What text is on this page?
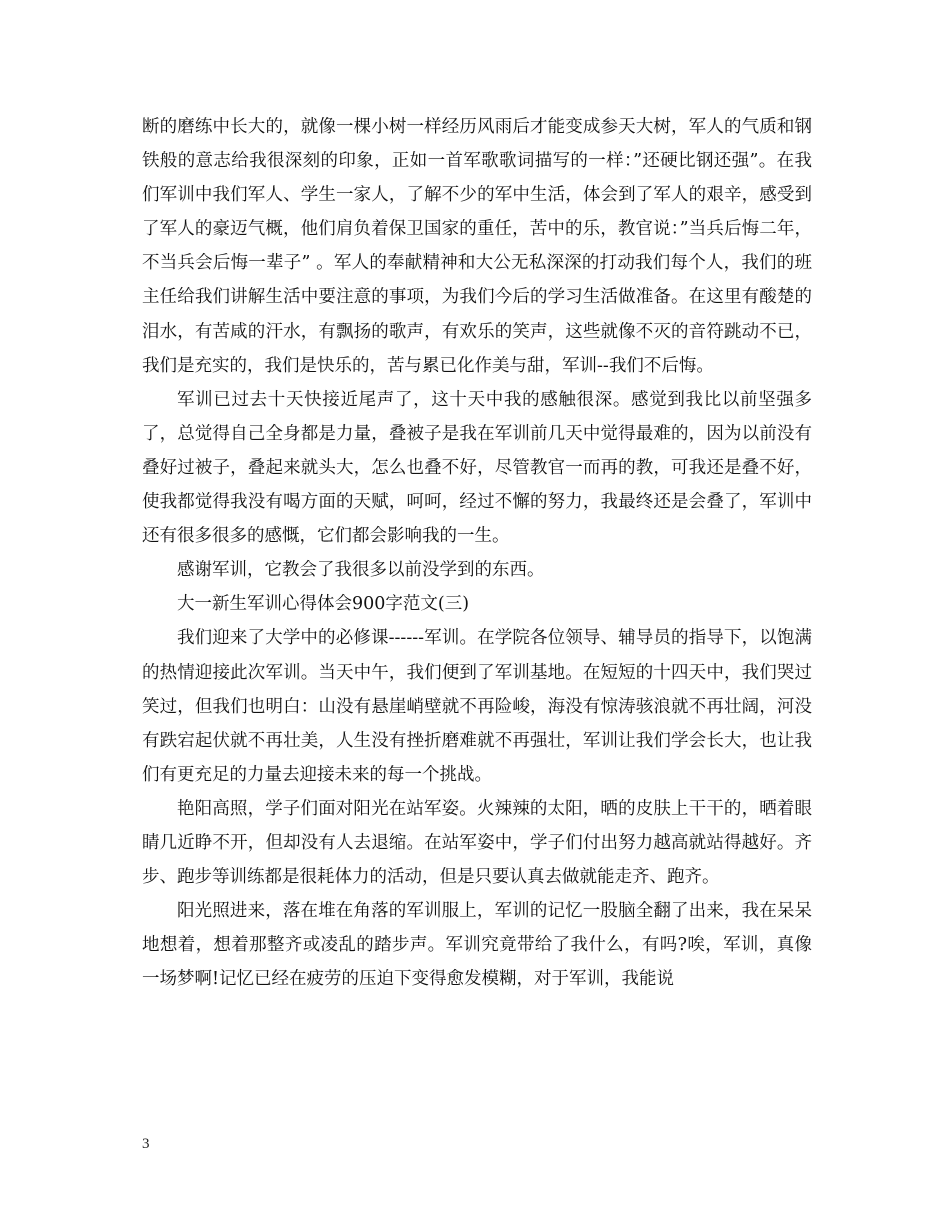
断的磨练中长大的，就像一棵小树一样经历风雨后才能变成参天大树，军人的气质和钢铁般的意志给我很深刻的印象，正如一首军歌歌词描写的一样：”还硬比钢还强”。在我们军训中我们军人、学生一家人，了解不少的军中生活，体会到了军人的艰辛，感受到了军人的豪迈气概，他们肩负着保卫国家的重任，苦中的乐，教官说：”当兵后悔二年，不当兵会后悔一辈子” 。军人的奉献精神和大公无私深深的打动我们每个人，我们的班主任给我们讲解生活中要注意的事项，为我们今后的学习生活做准备。在这里有酸楚的泪水，有苦咸的汗水，有飘扬的歌声，有欢乐的笑声，这些就像不灭的音符跳动不已，我们是充实的，我们是快乐的，苦与累已化作美与甜，军训--我们不后悔。

军训已过去十天快接近尾声了，这十天中我的感触很深。感觉到我比以前坚强多了，总觉得自己全身都是力量，叠被子是我在军训前几天中觉得最难的，因为以前没有叠好过被子，叠起来就头大，怎么也叠不好，尽管教官一而再的教，可我还是叠不好，使我都觉得我没有喝方面的天赋，呵呵，经过不懈的努力，我最终还是会叠了，军训中还有很多很多的感慨，它们都会影响我的一生。

感谢军训，它教会了我很多以前没学到的东西。

大一新生军训心得体会900字范文(三)

我们迎来了大学中的必修课------军训。在学院各位领导、辅导员的指导下，以饱满的热情迎接此次军训。当天中午，我们便到了军训基地。在短短的十四天中，我们哭过笑过，但我们也明白：山没有悬崖峭壁就不再险峻，海没有惊涛骇浪就不再壮阔，河没有跌宕起伏就不再壮美，人生没有挫折磨难就不再强壮，军训让我们学会长大，也让我们有更充足的力量去迎接未来的每一个挑战。

艳阳高照，学子们面对阳光在站军姿。火辣辣的太阳，晒的皮肤上干干的，晒着眼睛几近睁不开，但却没有人去退缩。在站军姿中，学子们付出努力越高就站得越好。齐步、跑步等训练都是很耗体力的活动，但是只要认真去做就能走齐、跑齐。

阳光照进来，落在堆在角落的军训服上，军训的记忆一股脑全翻了出来，我在呆呆地想着，想着那整齐或凌乱的踏步声。军训究竟带给了我什么，有吗?唉，军训，真像一场梦啊!记忆已经在疲劳的压迫下变得愈发模糊，对于军训，我能说

3
